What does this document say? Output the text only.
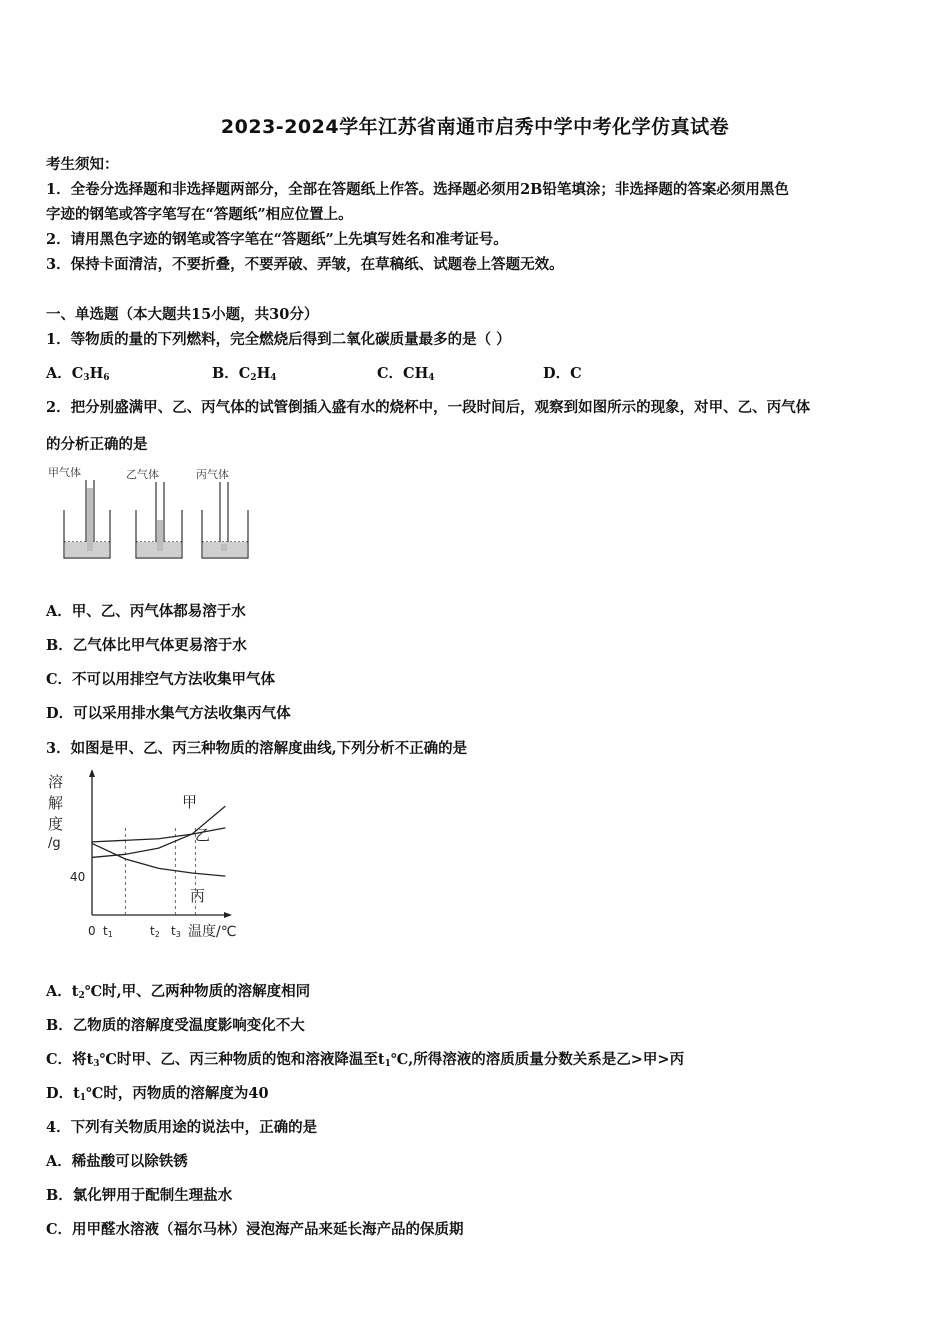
2023-2024学年江苏省南通市启秀中学中考化学仿真试卷
考生须知：
1．全卷分选择题和非选择题两部分，全部在答题纸上作答。选择题必须用2B铅笔填涂；非选择题的答案必须用黑色
字迹的钢笔或答字笔写在“答题纸”相应位置上。
2．请用黑色字迹的钢笔或答字笔在“答题纸”上先填写姓名和准考证号。
3．保持卡面清洁，不要折叠，不要弄破、弄皱，在草稿纸、试题卷上答题无效。
一、单选题（本大题共15小题，共30分）
1．等物质的量的下列燃料，完全燃烧后得到二氧化碳质量最多的是（ ）
A．$C_3H_6$	B．$C_2H_4$	C．$CH_4$	D．C
2．把分别盛满甲、乙、丙气体的试管倒插入盛有水的烧杯中，一段时间后，观察到如图所示的现象，对甲、乙、丙气体
的分析正确的是
甲气体	乙气体	丙气体
A．甲、乙、丙气体都易溶于水
B．乙气体比甲气体更易溶于水
C．不可以用排空气方法收集甲气体
D．可以采用排水集气方法收集丙气体
3．如图是甲、乙、丙三种物质的溶解度曲线,下列分析不正确的是
溶
解
度
/g
40
0 t1	t2 t3 温度/℃
甲
乙
丙
A．$t_2℃$时,甲、乙两种物质的溶解度相同
B．乙物质的溶解度受温度影响变化不大
C．将$t_3℃$时甲、乙、丙三种物质的饱和溶液降温至$t_1℃$,所得溶液的溶质质量分数关系是乙>甲>丙
D．$t_1℃$时，丙物质的溶解度为40
4．下列有关物质用途的说法中，正确的是
A．稀盐酸可以除铁锈
B．氯化钾用于配制生理盐水
C．用甲醛水溶液（福尔马林）浸泡海产品来延长海产品的保质期
